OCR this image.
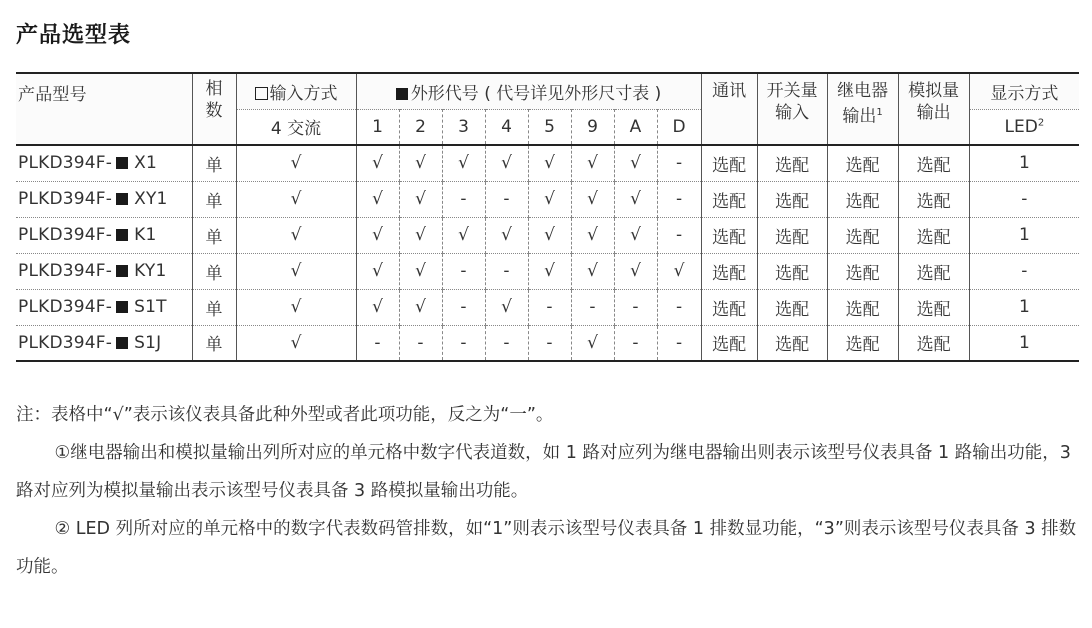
产品选型表
产品型号	相数	输入方式	外形代号 ( 代号详见外形尺寸表 )								通讯	开关量输入	继电器输出$^1$	模拟量输出	显示方式
		4 交流	1	2	3	4	5	9	A	D					LED$^2$
PLKD394F- X1	单	√	√	√	√	√	√	√	√	-	选配	选配	选配	选配	1
PLKD394F- XY1	单	√	√	√	-	-	√	√	√	-	选配	选配	选配	选配	-
PLKD394F- K1	单	√	√	√	√	√	√	√	√	-	选配	选配	选配	选配	1
PLKD394F- KY1	单	√	√	√	-	-	√	√	√	√	选配	选配	选配	选配	-
PLKD394F- S1T	单	√	√	√	-	√	-	-	-	-	选配	选配	选配	选配	1
PLKD394F- S1J	单	√	-	-	-	-	-	√	-	-	选配	选配	选配	选配	1

注：表格中“√”表示该仪表具备此种外型或者此项功能，反之为“一”。

①继电器输出和模拟量输出列所对应的单元格中数字代表道数，如 1 路对应列为继电器输出则表示该型号仪表具备 1 路输出功能，3 路对应列为模拟量输出表示该型号仪表具备 3 路模拟量输出功能。

② LED 列所对应的单元格中的数字代表数码管排数，如“1”则表示该型号仪表具备 1 排数显功能，“3”则表示该型号仪表具备 3 排数功能。
